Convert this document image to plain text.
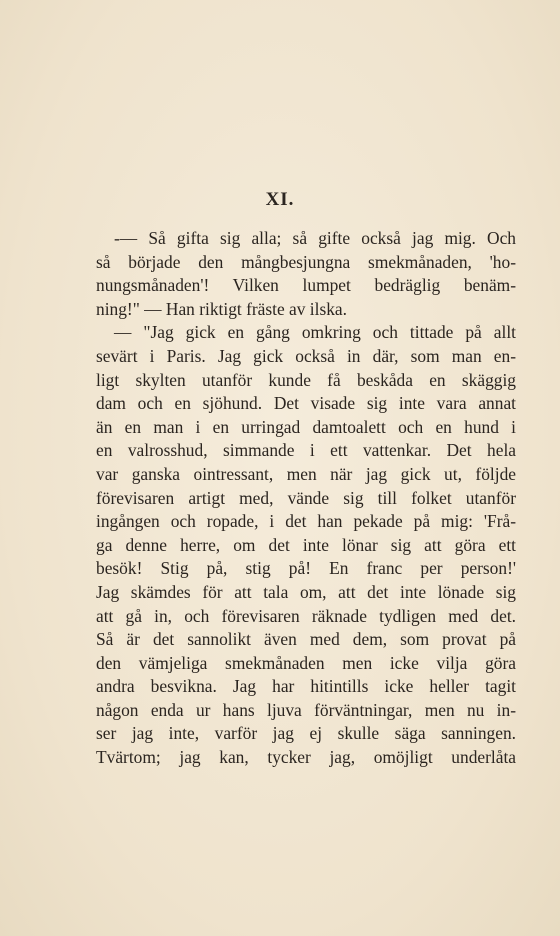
XI.
-— Så gifta sig alla; så gifte också jag mig. Och
så började den mångbesjungna smekmånaden, 'ho-
nungsmånaden'! Vilken lumpet bedräglig benäm-
ning!" — Han riktigt fräste av ilska.
— "Jag gick en gång omkring och tittade på allt
sevärt i Paris. Jag gick också in där, som man en-
ligt skylten utanför kunde få beskåda en skäggig
dam och en sjöhund. Det visade sig inte vara annat
än en man i en urringad damtoalett och en hund i
en valrosshud, simmande i ett vattenkar. Det hela
var ganska ointressant, men när jag gick ut, följde
förevisaren artigt med, vände sig till folket utanför
ingången och ropade, i det han pekade på mig: 'Frå-
ga denne herre, om det inte lönar sig att göra ett
besök! Stig på, stig på! En franc per person!'
Jag skämdes för att tala om, att det inte lönade sig
att gå in, och förevisaren räknade tydligen med det.
Så är det sannolikt även med dem, som provat på
den vämjeliga smekmånaden men icke vilja göra
andra besvikna. Jag har hitintills icke heller tagit
någon enda ur hans ljuva förväntningar, men nu in-
ser jag inte, varför jag ej skulle säga sanningen.
Tvärtom; jag kan, tycker jag, omöjligt underlåta
